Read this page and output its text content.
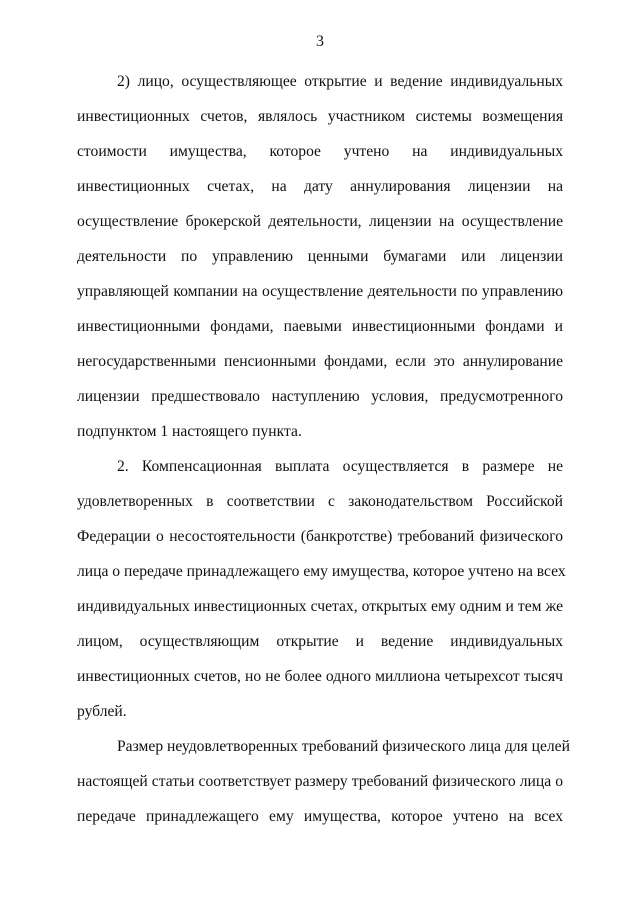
3
2) лицо, осуществляющее открытие и ведение индивидуальных
инвестиционных счетов, являлось участником системы возмещения
стоимости имущества, которое учтено на индивидуальных
инвестиционных счетах, на дату аннулирования лицензии на
осуществление брокерской деятельности, лицензии на осуществление
деятельности по управлению ценными бумагами или лицензии
управляющей компании на осуществление деятельности по управлению
инвестиционными фондами, паевыми инвестиционными фондами и
негосударственными пенсионными фондами, если это аннулирование
лицензии предшествовало наступлению условия, предусмотренного
подпунктом 1 настоящего пункта.
2. Компенсационная выплата осуществляется в размере не
удовлетворенных в соответствии с законодательством Российской
Федерации о несостоятельности (банкротстве) требований физического
лица о передаче принадлежащего ему имущества, которое учтено на всех
индивидуальных инвестиционных счетах, открытых ему одним и тем же
лицом, осуществляющим открытие и ведение индивидуальных
инвестиционных счетов, но не более одного миллиона четырехсот тысяч
рублей.
Размер неудовлетворенных требований физического лица для целей
настоящей статьи соответствует размеру требований физического лица о
передаче принадлежащего ему имущества, которое учтено на всех
